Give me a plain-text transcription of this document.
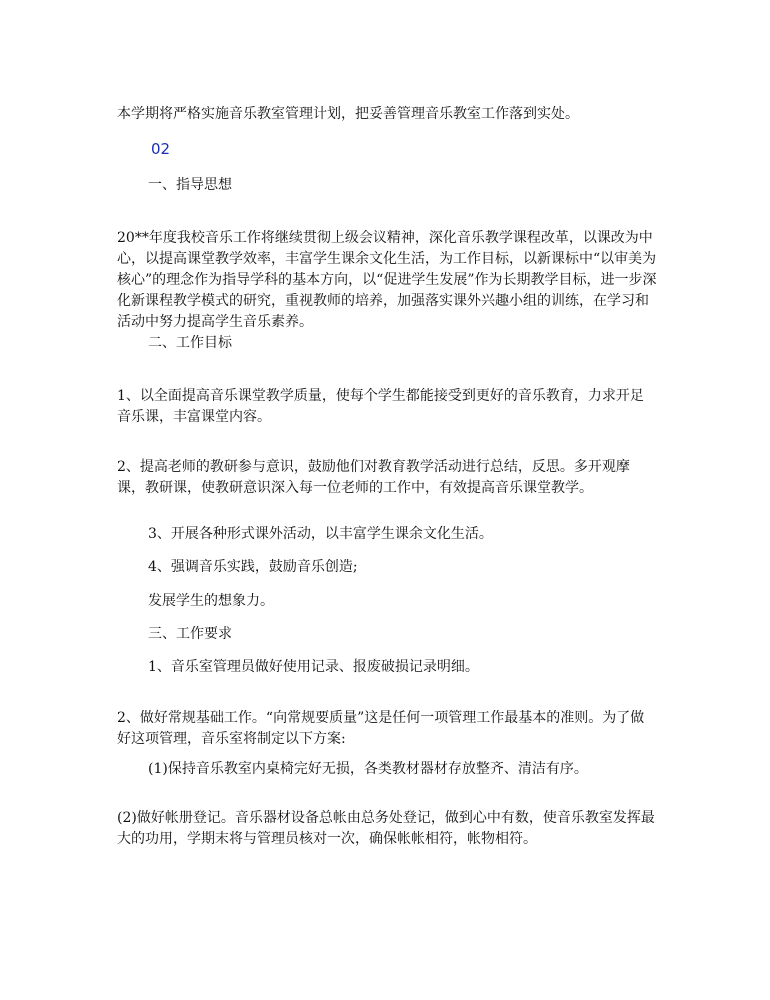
本学期将严格实施音乐教室管理计划，把妥善管理音乐教室工作落到实处。

02

一、指导思想

20**年度我校音乐工作将继续贯彻上级会议精神，深化音乐教学课程改革，以课改为中心，以提高课堂教学效率，丰富学生课余文化生活，为工作目标，以新课标中“以审美为核心”的理念作为指导学科的基本方向，以“促进学生发展”作为长期教学目标，进一步深化新课程教学模式的研究，重视教师的培养，加强落实课外兴趣小组的训练，在学习和活动中努力提高学生音乐素养。

二、工作目标

1、以全面提高音乐课堂教学质量，使每个学生都能接受到更好的音乐教育，力求开足音乐课，丰富课堂内容。

2、提高老师的教研参与意识，鼓励他们对教育教学活动进行总结，反思。多开观摩课，教研课，使教研意识深入每一位老师的工作中，有效提高音乐课堂教学。

3、开展各种形式课外活动，以丰富学生课余文化生活。

4、强调音乐实践，鼓励音乐创造;

发展学生的想象力。

三、工作要求

1、音乐室管理员做好使用记录、报废破损记录明细。

2、做好常规基础工作。“向常规要质量”这是任何一项管理工作最基本的准则。为了做好这项管理，音乐室将制定以下方案:

(1)保持音乐教室内桌椅完好无损，各类教材器材存放整齐、清洁有序。

(2)做好帐册登记。音乐器材设备总帐由总务处登记，做到心中有数，使音乐教室发挥最大的功用，学期末将与管理员核对一次，确保帐帐相符，帐物相符。
